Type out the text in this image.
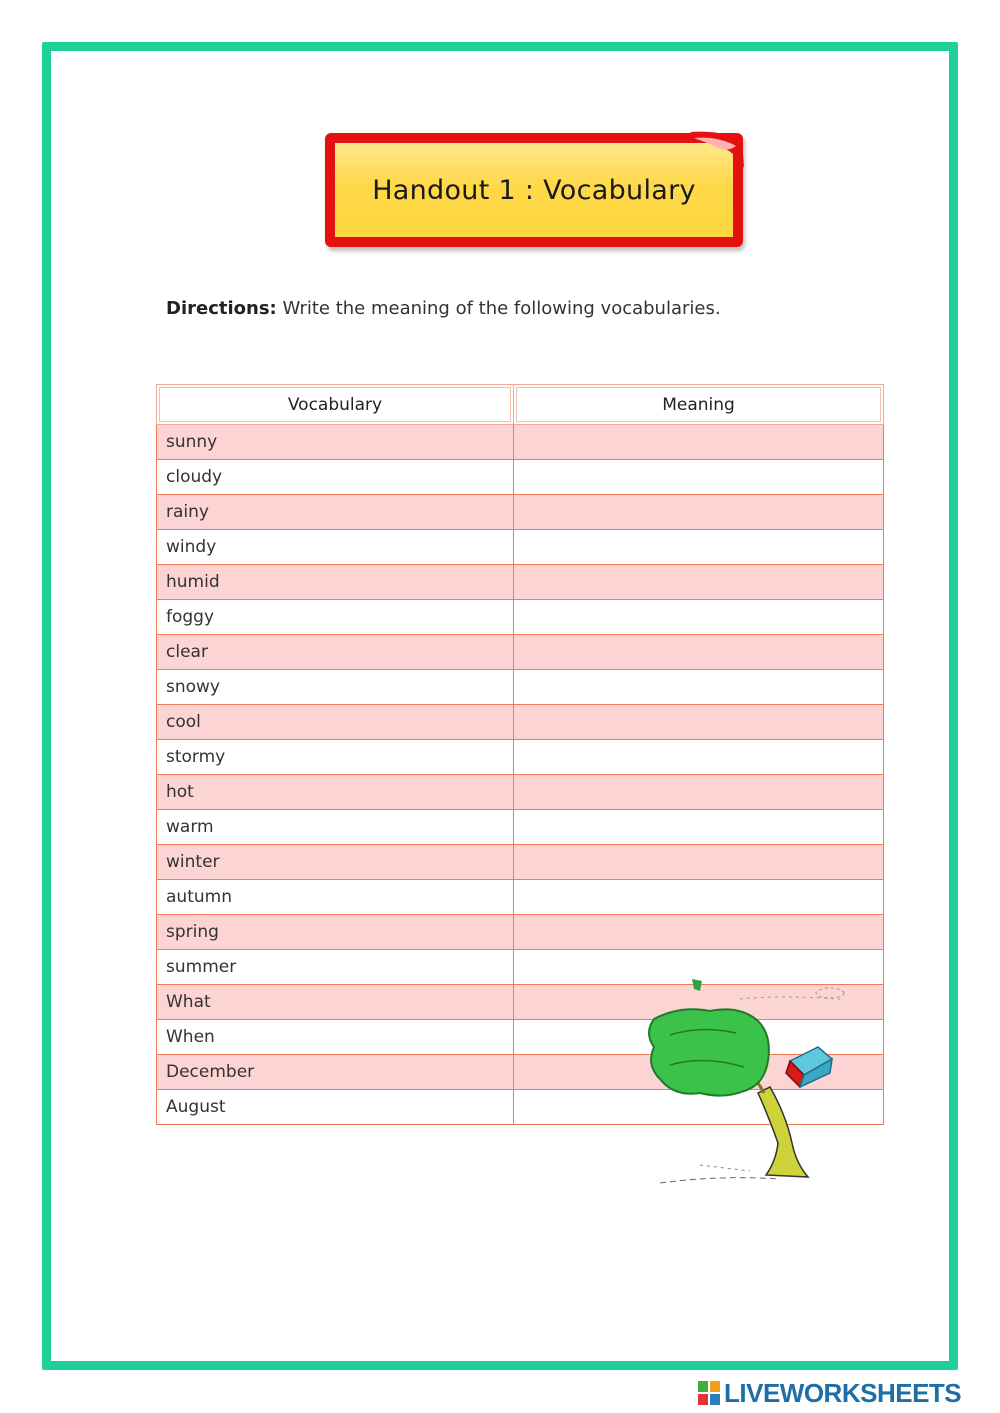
Handout 1 : Vocabulary
Directions: Write the meaning of the following vocabularies.
Vocabulary	Meaning
sunny	
cloudy	
rainy	
windy	
humid	
foggy	
clear	
snowy	
cool	
stormy	
hot	
warm	
winter	
autumn	
spring	
summer	
What	
When	
December	
August	
LIVEWORKSHEETS
